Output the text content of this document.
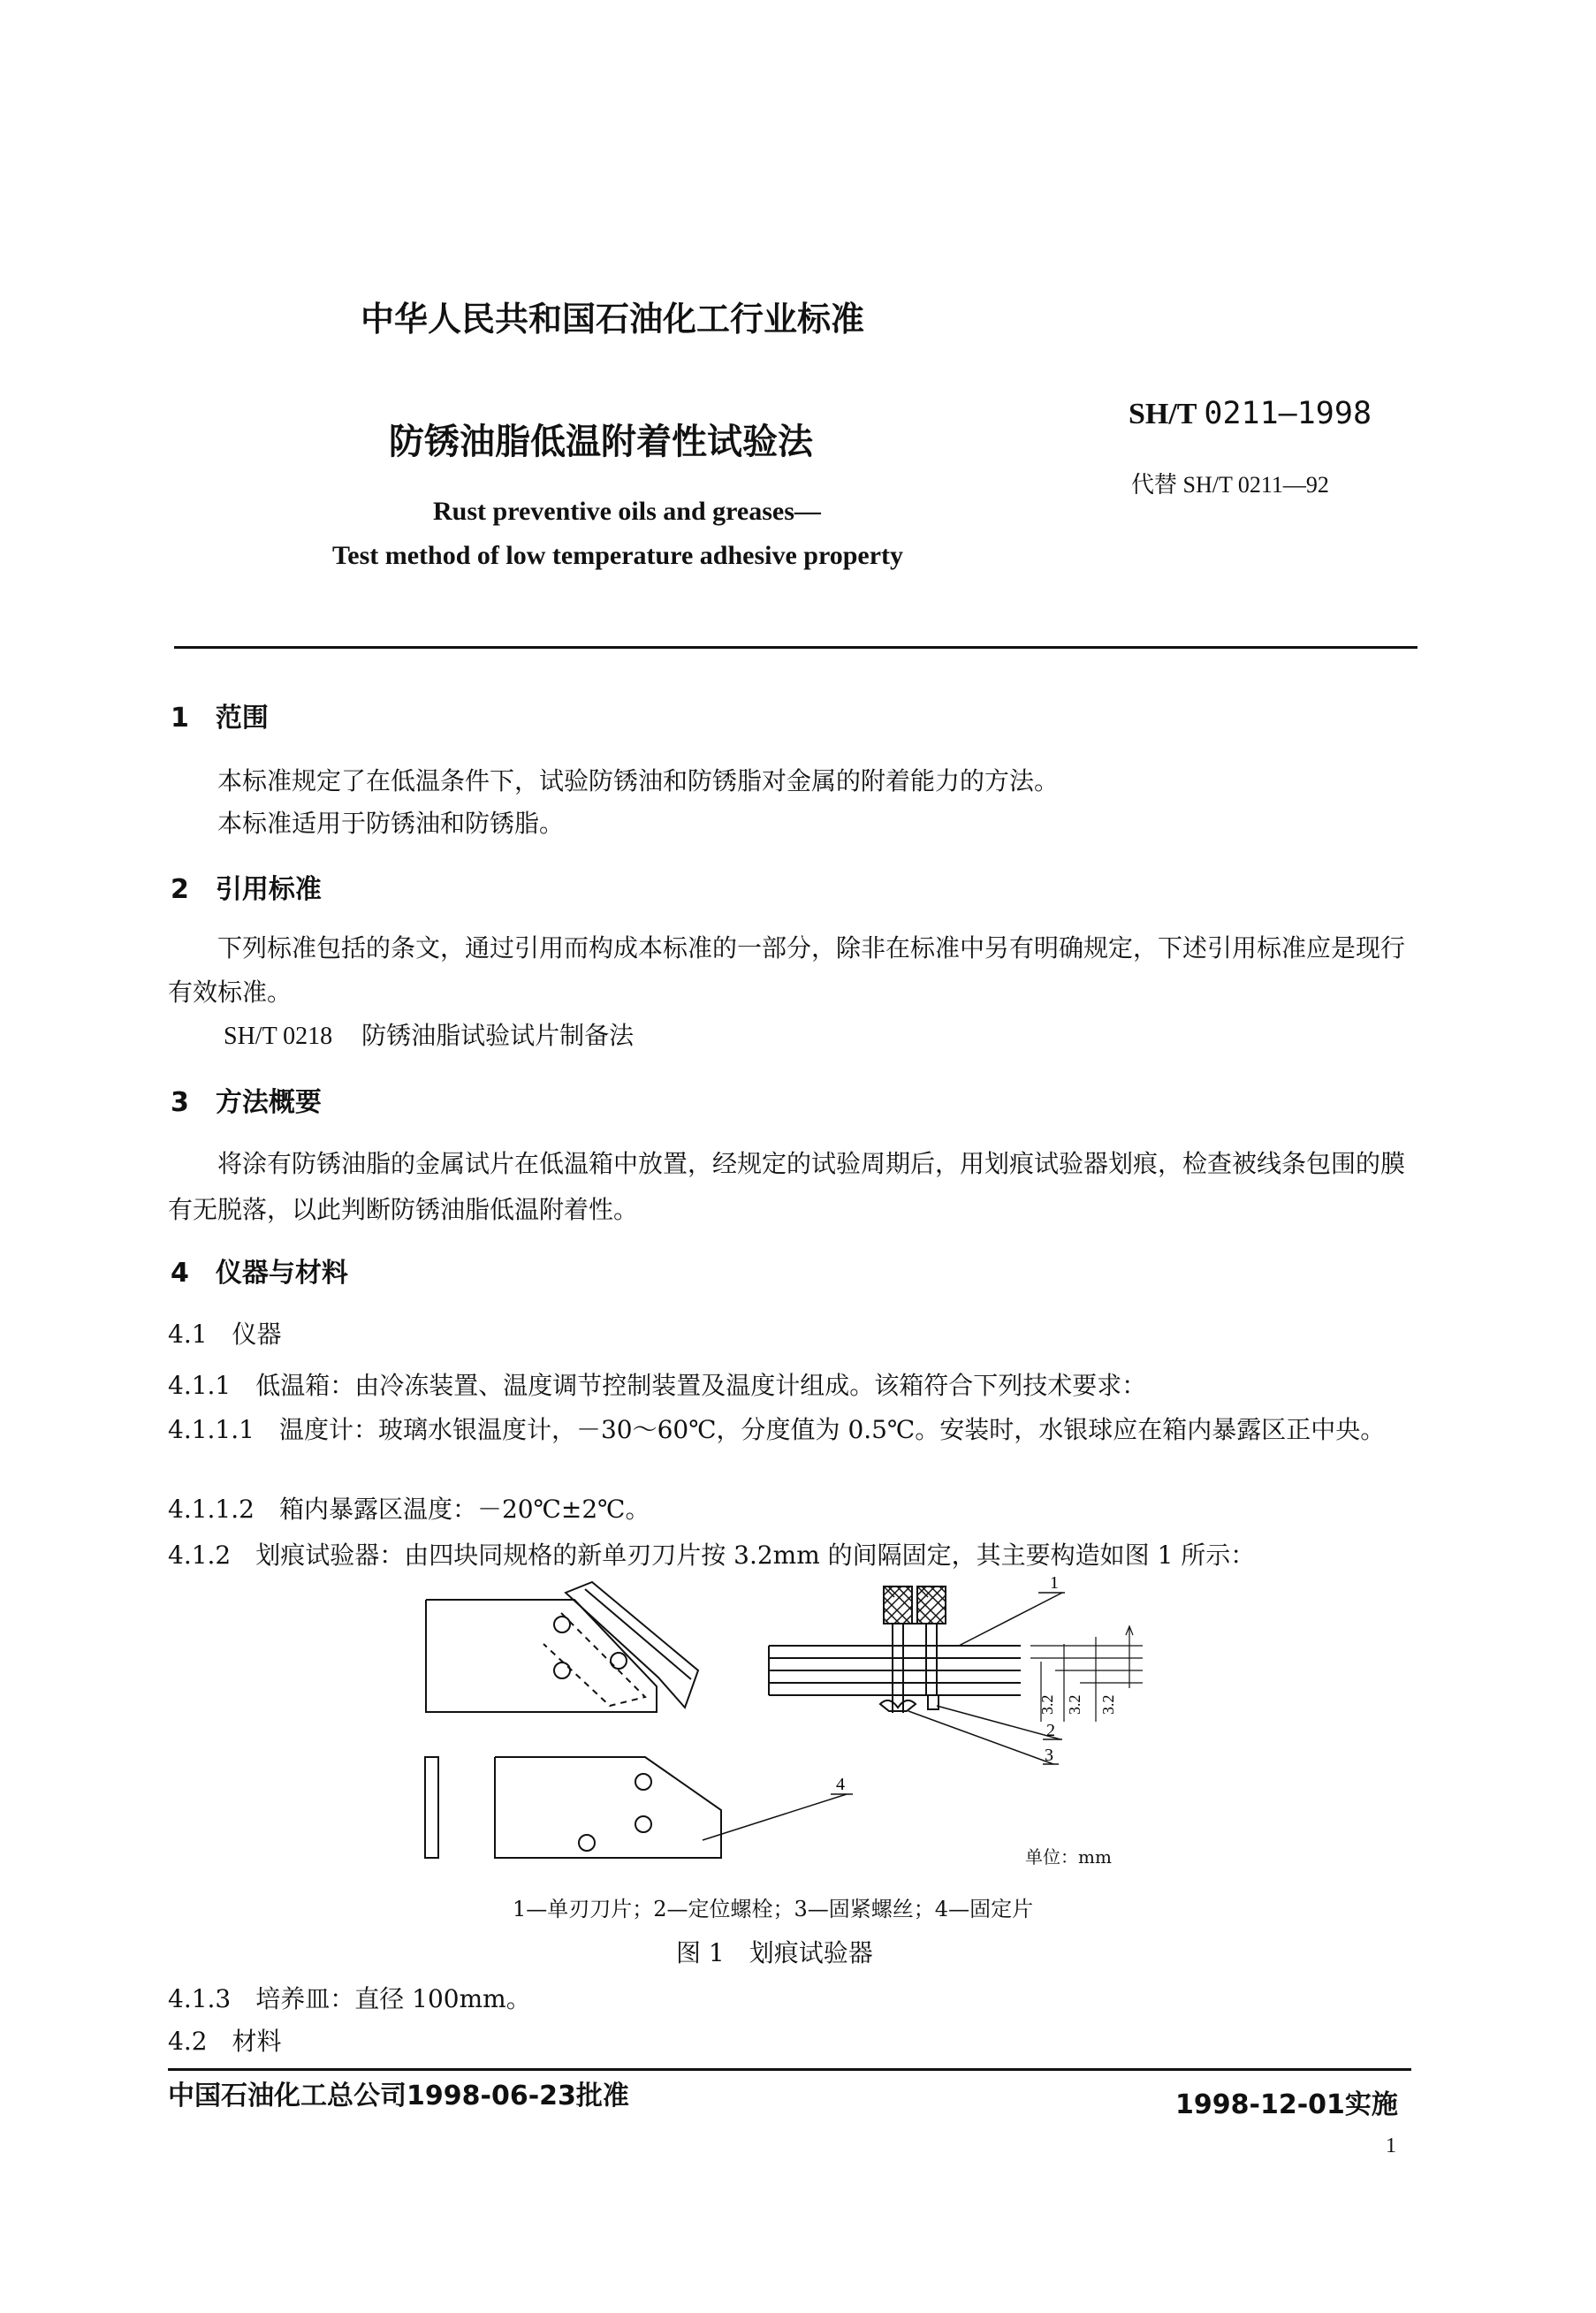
中华人民共和国石油化工行业标准
防锈油脂低温附着性试验法
SH/T 0211—1998
代替 SH/T 0211—92
Rust preventive oils and greases—
Test method of low temperature adhesive property
1　范围
本标准规定了在低温条件下，试验防锈油和防锈脂对金属的附着能力的方法。
本标准适用于防锈油和防锈脂。
2　引用标准
下列标准包括的条文，通过引用而构成本标准的一部分，除非在标准中另有明确规定，下述引用标准应是现行有效标准。
SH/T 0218 防锈油脂试验试片制备法
3　方法概要
将涂有防锈油脂的金属试片在低温箱中放置，经规定的试验周期后，用划痕试验器划痕，检查被线条包围的膜有无脱落，以此判断防锈油脂低温附着性。
4　仪器与材料
4.1　仪器
4.1.1　低温箱：由冷冻装置、温度调节控制装置及温度计组成。该箱符合下列技术要求：
4.1.1.1　温度计：玻璃水银温度计，－30～60℃，分度值为 0.5℃。安装时，水银球应在箱内暴露区正中央。
4.1.1.2　箱内暴露区温度：－20℃±2℃。
4.1.2　划痕试验器：由四块同规格的新单刃刀片按 3.2mm 的间隔固定，其主要构造如图 1 所示：
1
2
3
4
3.2 3.2 3.2
单位：mm
1—单刃刀片；2—定位螺栓；3—固紧螺丝；4—固定片
图 1　划痕试验器
4.1.3　培养皿：直径 100mm。
4.2　材料
中国石油化工总公司1998-06-23批准	1998-12-01实施
1
